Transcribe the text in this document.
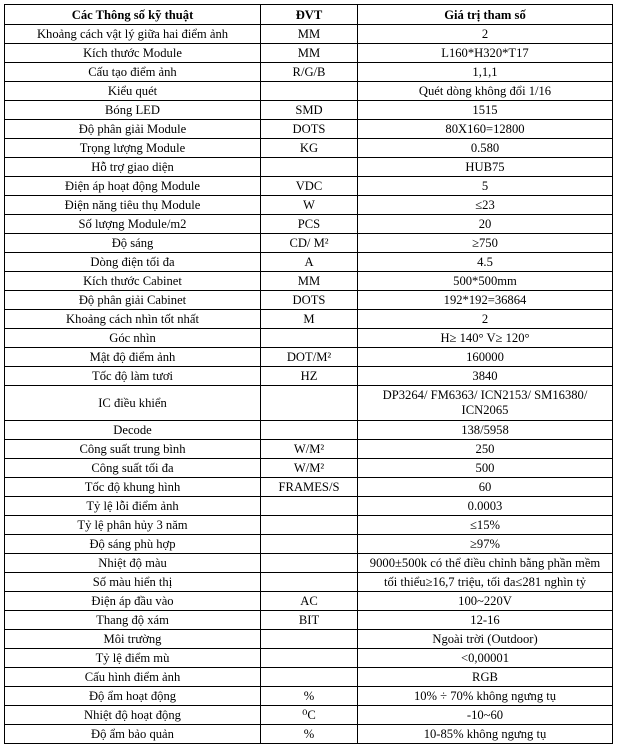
Các Thông số kỹ thuật	ĐVT	Giá trị tham số
Khoảng cách vật lý giữa hai điểm ảnh	MM	2
Kích thước Module	MM	L160*H320*T17
Cấu tạo điểm ảnh	R/G/B	1,1,1
Kiểu quét		Quét dòng không đổi 1/16
Bóng LED	SMD	1515
Độ phân giải Module	DOTS	80X160=12800
Trọng lượng Module	KG	0.580
Hỗ trợ giao diện		HUB75
Điện áp hoạt động Module	VDC	5
Điện năng tiêu thụ Module	W	≤23
Số lượng Module/m2	PCS	20
Độ sáng	CD/ M²	≥750
Dòng điện tối đa	A	4.5
Kích thước Cabinet	MM	500*500mm
Độ phân giải Cabinet	DOTS	192*192=36864
Khoảng cách nhìn tốt nhất	M	2
Góc nhìn		H≥ 140° V≥ 120°
Mật độ điểm ảnh	DOT/M²	160000
Tốc độ làm tươi	HZ	3840
IC điều khiển		DP3264/ FM6363/ ICN2153/ SM16380/ ICN2065
Decode		138/5958
Công suất trung bình	W/M²	250
Công suất tối đa	W/M²	500
Tốc độ khung hình	FRAMES/S	60
Tỷ lệ lỗi điểm ảnh		0.0003
Tỷ lệ phân hủy 3 năm		≤15%
Độ sáng phù hợp		≥97%
Nhiệt độ màu		9000±500k có thể điều chỉnh bằng phần mềm
Số màu hiển thị		tối thiểu≥16,7 triệu, tối đa≤281 nghìn tỷ
Điện áp đầu vào	AC	100~220V
Thang độ xám	BIT	12-16
Môi trường		Ngoài trời (Outdoor)
Tỷ lệ điểm mù		<0,00001
Cấu hình điểm ảnh		RGB
Độ ẩm hoạt động	%	10% ÷ 70% không ngưng tụ
Nhiệt độ hoạt động	⁰C	-10~60
Độ ẩm bảo quản	%	10-85% không ngưng tụ
